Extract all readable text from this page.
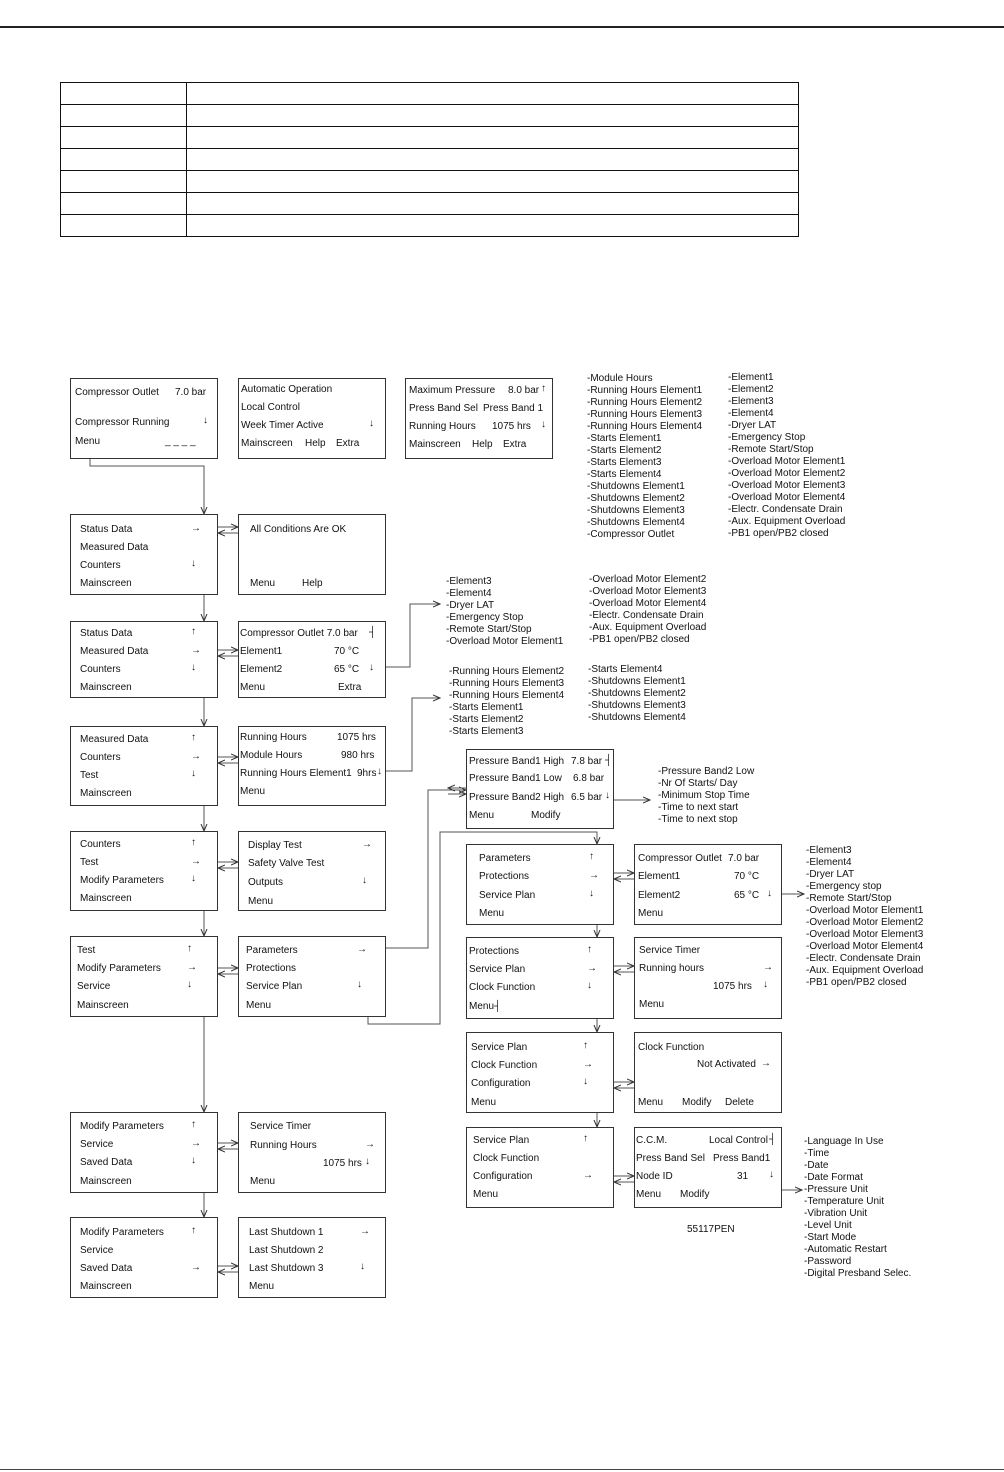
Compressor Outlet 7.0 bar
Compressor Running	↓
Menu	_ _ _ _
Automatic Operation
Local Control
Week Timer Active	↓
Mainscreen Help Extra
Maximum Pressure 8.0 bar ↑
Press Band Sel Press Band 1
Running Hours 1075 hrs ↓
Mainscreen Help Extra
Status Data	→
Measured Data
Counters	↓
Mainscreen
All Conditions Are OK
Menu	Help
Status Data	↑
Measured Data	→
Counters	↓
Mainscreen
Compressor Outlet 7.0 bar ┤
Element1	70 °C
Element2	65 °C ↓
Menu	Extra
Measured Data	↑
Counters	→
Test	↓
Mainscreen
Running Hours	1075 hrs
Module Hours	980 hrs
Running Hours Element1 9hrs ↓
Menu
Counters	↑
Test	→
Modify Parameters	↓
Mainscreen
Display Test	→
Safety Valve Test
Outputs	↓
Menu
Test	↑
Modify Parameters	→
Service	↓
Mainscreen
Parameters	→
Protections
Service Plan	↓
Menu
Modify Parameters	↑
Service	→
Saved Data	↓
Mainscreen
Service Timer
Running Hours	→
1075 hrs ↓
Menu
Modify Parameters	↑
Service
Saved Data	→
Mainscreen
Last Shutdown 1	→
Last Shutdown 2
Last Shutdown 3	↓
Menu
Pressure Band1 High 7.8 bar ┤
Pressure Band1 Low 6.8 bar
Pressure Band2 High 6.5 bar ↓
Menu	Modify
Parameters	↑
Protections	→
Service Plan	↓
Menu
Compressor Outlet 7.0 bar
Element1	70 °C
Element2	65 °C ↓
Menu
Protections	↑
Service Plan	→
Clock Function	↓
Menu┤
Service Timer
Running hours	→
1075 hrs ↓
Menu
Service Plan	↑
Clock Function	→
Configuration	↓
Menu
Clock Function
Not Activated →
Menu Modify Delete
Service Plan	↑
Clock Function
Configuration	→
Menu
C.C.M.	Local Control ┤
Press Band Sel Press Band1
Node ID	31 ↓
Menu Modify
-Module Hours
-Running Hours Element1
-Running Hours Element2
-Running Hours Element3
-Running Hours Element4
-Starts Element1
-Starts Element2
-Starts Element3
-Starts Element4
-Shutdowns Element1
-Shutdowns Element2
-Shutdowns Element3
-Shutdowns Element4
-Compressor Outlet
-Element1
-Element2
-Element3
-Element4
-Dryer LAT
-Emergency Stop
-Remote Start/Stop
-Overload Motor Element1
-Overload Motor Element2
-Overload Motor Element3
-Overload Motor Element4
-Electr. Condensate Drain
-Aux. Equipment Overload
-PB1 open/PB2 closed
-Element3
-Element4
-Dryer LAT
-Emergency Stop
-Remote Start/Stop
-Overload Motor Element1
-Overload Motor Element2
-Overload Motor Element3
-Overload Motor Element4
-Electr. Condensate Drain
-Aux. Equipment Overload
-PB1 open/PB2 closed
-Running Hours Element2
-Running Hours Element3
-Running Hours Element4
-Starts Element1
-Starts Element2
-Starts Element3
-Starts Element4
-Shutdowns Element1
-Shutdowns Element2
-Shutdowns Element3
-Shutdowns Element4
-Pressure Band2 Low
-Nr Of Starts/ Day
-Minimum Stop Time
-Time to next start
-Time to next stop
-Element3
-Element4
-Dryer LAT
-Emergency stop
-Remote Start/Stop
-Overload Motor Element1
-Overload Motor Element2
-Overload Motor Element3
-Overload Motor Element4
-Electr. Condensate Drain
-Aux. Equipment Overload
-PB1 open/PB2 closed
-Language In Use
-Time
-Date
-Date Format
-Pressure Unit
-Temperature Unit
-Vibration Unit
-Level Unit
-Start Mode
-Automatic Restart
-Password
-Digital Presband Selec.
55117PEN
